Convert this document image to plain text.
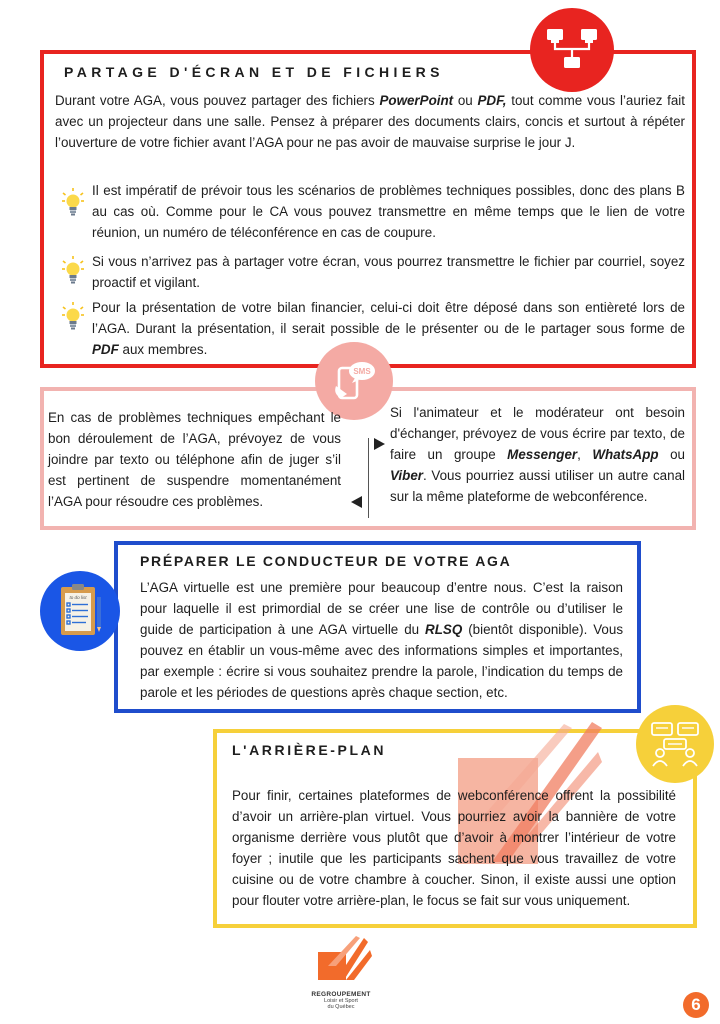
PARTAGE D'ÉCRAN ET DE FICHIERS

Durant votre AGA, vous pouvez partager des fichiers PowerPoint ou PDF, tout comme vous l’auriez fait avec un projecteur dans une salle. Pensez à préparer des documents clairs, concis et surtout à répéter l’ouverture de votre fichier avant l’AGA pour ne pas avoir de mauvaise surprise le jour J.

Il est impératif de prévoir tous les scénarios de problèmes techniques possibles, donc des plans B au cas où. Comme pour le CA vous pouvez transmettre en même temps que le lien de votre réunion, un numéro de téléconférence en cas de coupure.

Si vous n’arrivez pas à partager votre écran, vous pourrez transmettre le fichier par courriel, soyez proactif et vigilant.

Pour la présentation de votre bilan financier, celui-ci doit être déposé dans son entièreté lors de l’AGA. Durant la présentation, il serait possible de le présenter ou de le partager sous forme de PDF aux membres.

SMS

En cas de problèmes techniques empêchant le bon déroulement de l’AGA, prévoyez de vous joindre par texto ou téléphone afin de juger s’il est pertinent de suspendre momentanément l’AGA pour résoudre ces problèmes.

Si l'animateur et le modérateur ont besoin d'échanger, prévoyez de vous écrire par texto, de faire un groupe Messenger, WhatsApp ou Viber. Vous pourriez aussi utiliser un autre canal sur la même plateforme de webconférence.

to do list
PRÉPARER LE CONDUCTEUR DE VOTRE AGA

L’AGA virtuelle est une première pour beaucoup d’entre nous. C’est la raison pour laquelle il est primordial de se créer une lise de contrôle ou d’utiliser le guide de participation à une AGA virtuelle du RLSQ (bientôt disponible). Vous pouvez en établir un vous-même avec des informations simples et importantes, par exemple : écrire si vous souhaitez prendre la parole, l’indication du temps de parole et les périodes de questions après chaque section, etc.

L'ARRIÈRE-PLAN

Pour finir, certaines plateformes de webconférence offrent la possibilité d’avoir un arrière-plan virtuel. Vous pourriez avoir la bannière de votre organisme derrière vous plutôt que d’avoir à montrer l’intérieur de votre foyer ; inutile que les participants sachent que vous travaillez de votre cuisine ou de votre chambre à coucher. Sinon, il existe aussi une option pour flouter votre arrière-plan, le focus se fait sur vous uniquement.

REGROUPEMENT
Loisir et Sport
du Québec	6
